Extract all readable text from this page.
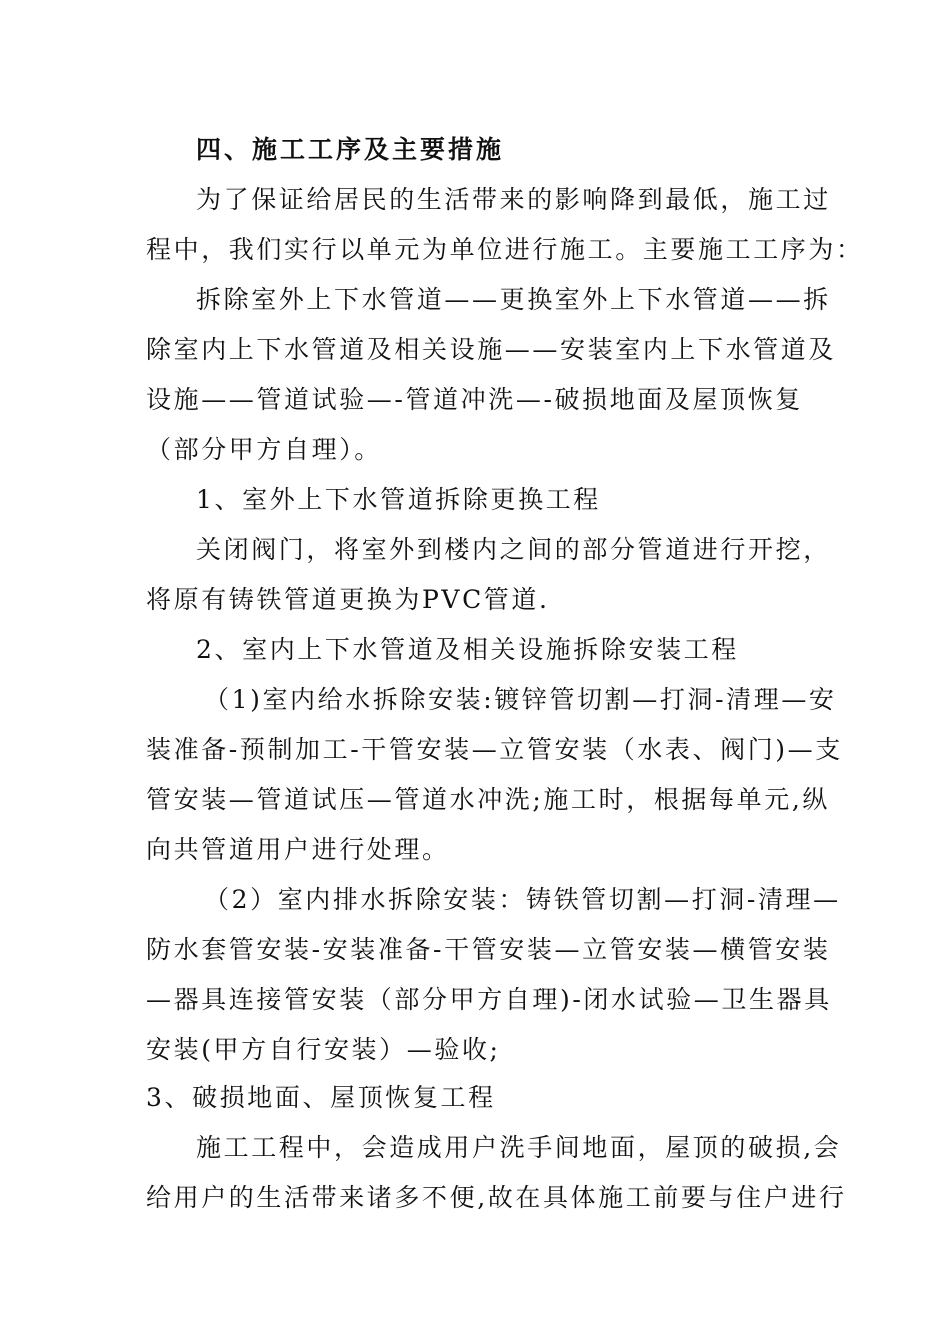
四、施工工序及主要措施
为了保证给居民的生活带来的影响降到最低，施工过
程中，我们实行以单元为单位进行施工。主要施工工序为：
拆除室外上下水管道——更换室外上下水管道——拆
除室内上下水管道及相关设施——安装室内上下水管道及
设施——管道试验—-管道冲洗—-破损地面及屋顶恢复
（部分甲方自理）。
1、室外上下水管道拆除更换工程
关闭阀门，将室外到楼内之间的部分管道进行开挖，
将原有铸铁管道更换为PVC管道.
2、室内上下水管道及相关设施拆除安装工程
（1)室内给水拆除安装:镀锌管切割—打洞-清理—安
装准备-预制加工-干管安装—立管安装（水表、阀门)—支
管安装—管道试压—管道水冲洗;施工时，根据每单元,纵
向共管道用户进行处理。
（2）室内排水拆除安装：铸铁管切割—打洞-清理—
防水套管安装-安装准备-干管安装—立管安装—横管安装
—器具连接管安装（部分甲方自理)-闭水试验—卫生器具
安装(甲方自行安装）—验收;
3、破损地面、屋顶恢复工程
施工工程中，会造成用户洗手间地面，屋顶的破损,会
给用户的生活带来诸多不便,故在具体施工前要与住户进行
